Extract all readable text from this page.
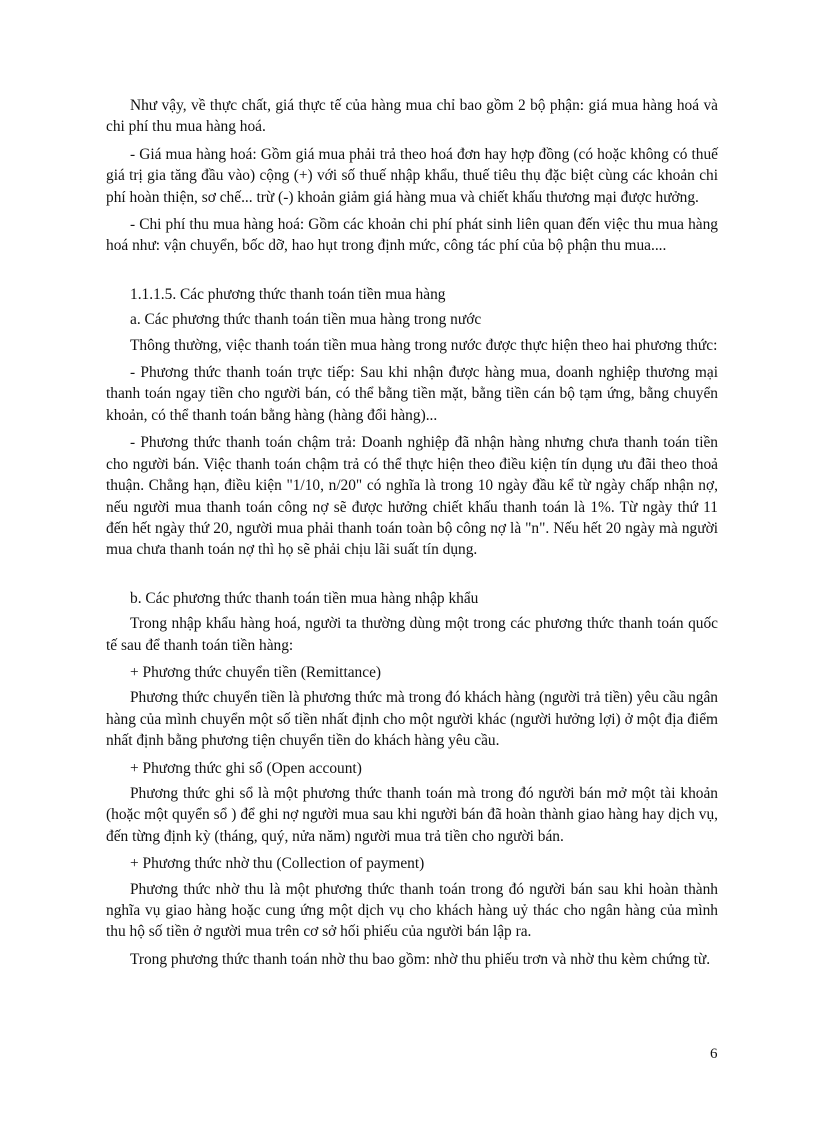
Như vậy, về thực chất, giá thực tế của hàng mua chỉ bao gồm 2 bộ phận: giá mua hàng hoá và chi phí thu mua hàng hoá.

- Giá mua hàng hoá: Gồm giá mua phải trả theo hoá đơn hay hợp đồng (có hoặc không có thuế giá trị gia tăng đầu vào) cộng (+) với số thuế nhập khẩu, thuế tiêu thụ đặc biệt cùng các khoản chi phí hoàn thiện, sơ chế... trừ (-) khoản giảm giá hàng mua và chiết khấu thương mại được hưởng.

- Chi phí thu mua hàng hoá: Gồm các khoản chi phí phát sinh liên quan đến việc thu mua hàng hoá như: vận chuyển, bốc dỡ, hao hụt trong định mức, công tác phí của bộ phận thu mua....

1.1.1.5. Các phương thức thanh toán tiền mua hàng

a. Các phương thức thanh toán tiền mua hàng trong nước

Thông thường, việc thanh toán tiền mua hàng trong nước được thực hiện theo hai phương thức:

- Phương thức thanh toán trực tiếp: Sau khi nhận được hàng mua, doanh nghiệp thương mại thanh toán ngay tiền cho người bán, có thể bằng tiền mặt, bằng tiền cán bộ tạm ứng, bằng chuyển khoản, có thể thanh toán bằng hàng (hàng đổi hàng)...

- Phương thức thanh toán chậm trả: Doanh nghiệp đã nhận hàng nhưng chưa thanh toán tiền cho người bán. Việc thanh toán chậm trả có thể thực hiện theo điều kiện tín dụng ưu đãi theo thoả thuận. Chẳng hạn, điều kiện "1/10, n/20" có nghĩa là trong 10 ngày đầu kể từ ngày chấp nhận nợ, nếu người mua thanh toán công nợ sẽ được hưởng chiết khấu thanh toán là 1%. Từ ngày thứ 11 đến hết ngày thứ 20, người mua phải thanh toán toàn bộ công nợ là "n". Nếu hết 20 ngày mà người mua chưa thanh toán nợ thì họ sẽ phải chịu lãi suất tín dụng.

b. Các phương thức thanh toán tiền mua hàng nhập khẩu

Trong nhập khẩu hàng hoá, người ta thường dùng một trong các phương thức thanh toán quốc tế sau để thanh toán tiền hàng:

+ Phương thức chuyển tiền (Remittance)

Phương thức chuyển tiền là phương thức mà trong đó khách hàng (người trả tiền) yêu cầu ngân hàng của mình chuyển một số tiền nhất định cho một người khác (người hưởng lợi) ở một địa điểm nhất định bằng phương tiện chuyển tiền do khách hàng yêu cầu.

+ Phương thức ghi sổ (Open account)

Phương thức ghi sổ là một phương thức thanh toán mà trong đó người bán mở một tài khoản (hoặc một quyển sổ ) để ghi nợ người mua sau khi người bán đã hoàn thành giao hàng hay dịch vụ, đến từng định kỳ (tháng, quý, nửa năm) người mua trả tiền cho người bán.

+ Phương thức nhờ thu (Collection of payment)

Phương thức nhờ thu là một phương thức thanh toán trong đó người bán sau khi hoàn thành nghĩa vụ giao hàng hoặc cung ứng một dịch vụ cho khách hàng uỷ thác cho ngân hàng của mình thu hộ số tiền ở người mua trên cơ sở hối phiếu của người bán lập ra.

Trong phương thức thanh toán nhờ thu bao gồm: nhờ thu phiếu trơn và nhờ thu kèm chứng từ.

6
